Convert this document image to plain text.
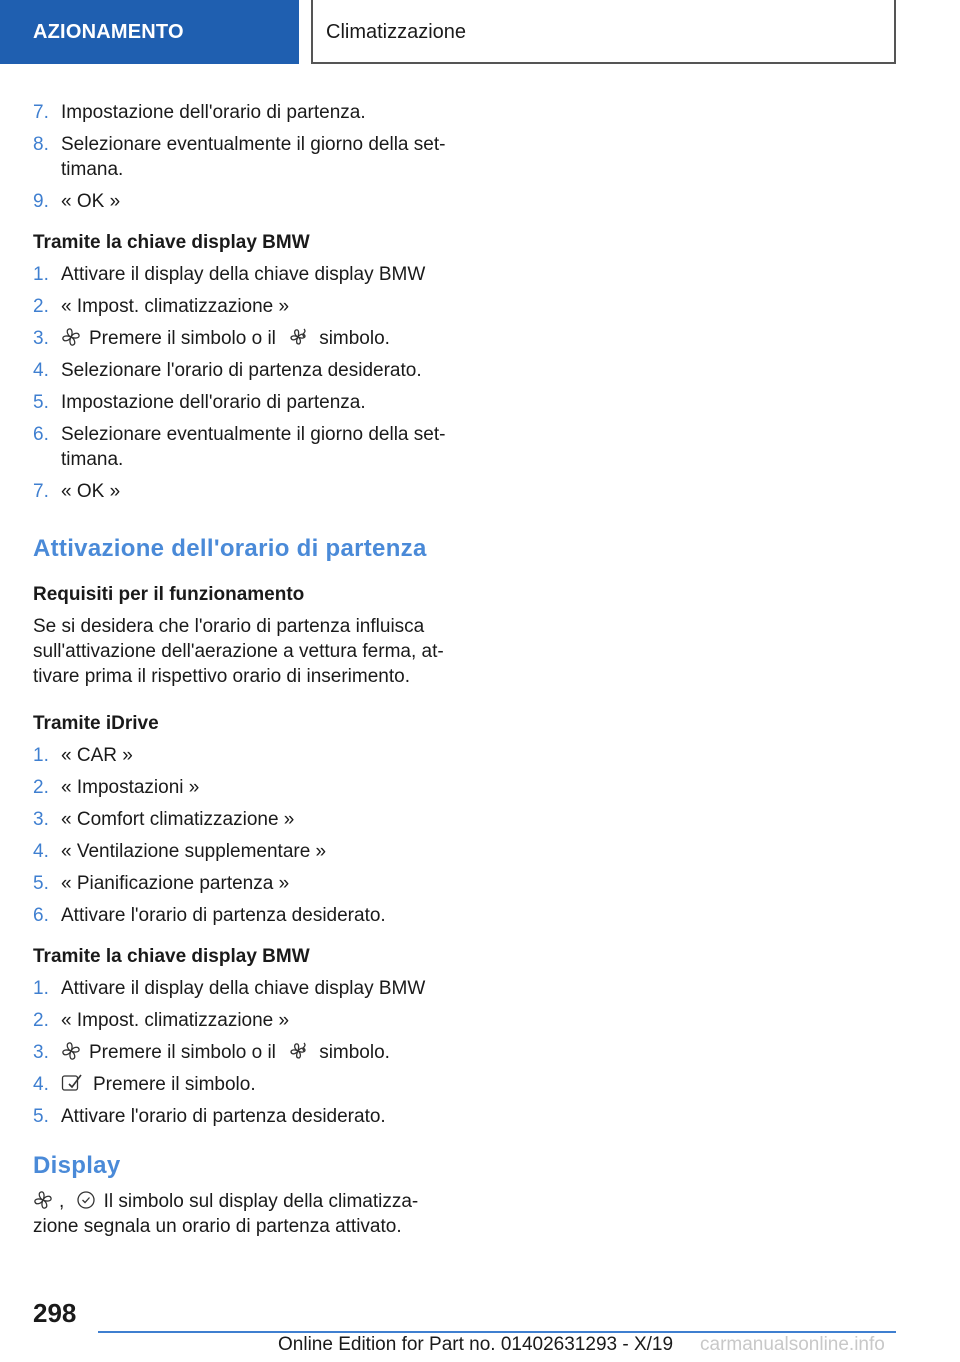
AZIONAMENTO	Climatizzazione
7. Impostazione dell'orario di partenza.
8. Selezionare eventualmente il giorno della set-
timana.
9. « OK »
Tramite la chiave display BMW
1. Attivare il display della chiave display BMW
2. « Impost. climatizzazione »
3. Premere il simbolo o il simbolo.
4. Selezionare l'orario di partenza desiderato.
5. Impostazione dell'orario di partenza.
6. Selezionare eventualmente il giorno della set-
timana.
7. « OK »
Attivazione dell'orario di partenza
Requisiti per il funzionamento

Se si desidera che l'orario di partenza influisca sull'attivazione dell'aerazione a vettura ferma, at-tivare prima il rispettivo orario di inserimento.

Tramite iDrive
1. « CAR »
2. « Impostazioni »
3. « Comfort climatizzazione »
4. « Ventilazione supplementare »
5. « Pianificazione partenza »
6. Attivare l'orario di partenza desiderato.
Tramite la chiave display BMW
1. Attivare il display della chiave display BMW
2. « Impost. climatizzazione »
3. Premere il simbolo o il simbolo.
4. Premere il simbolo.
5. Attivare l'orario di partenza desiderato.
Display

, Il simbolo sul display della climatizza-
zione segnala un orario di partenza attivato.

298
Online Edition for Part no. 01402631293 - X/19 carmanualsonline.info
